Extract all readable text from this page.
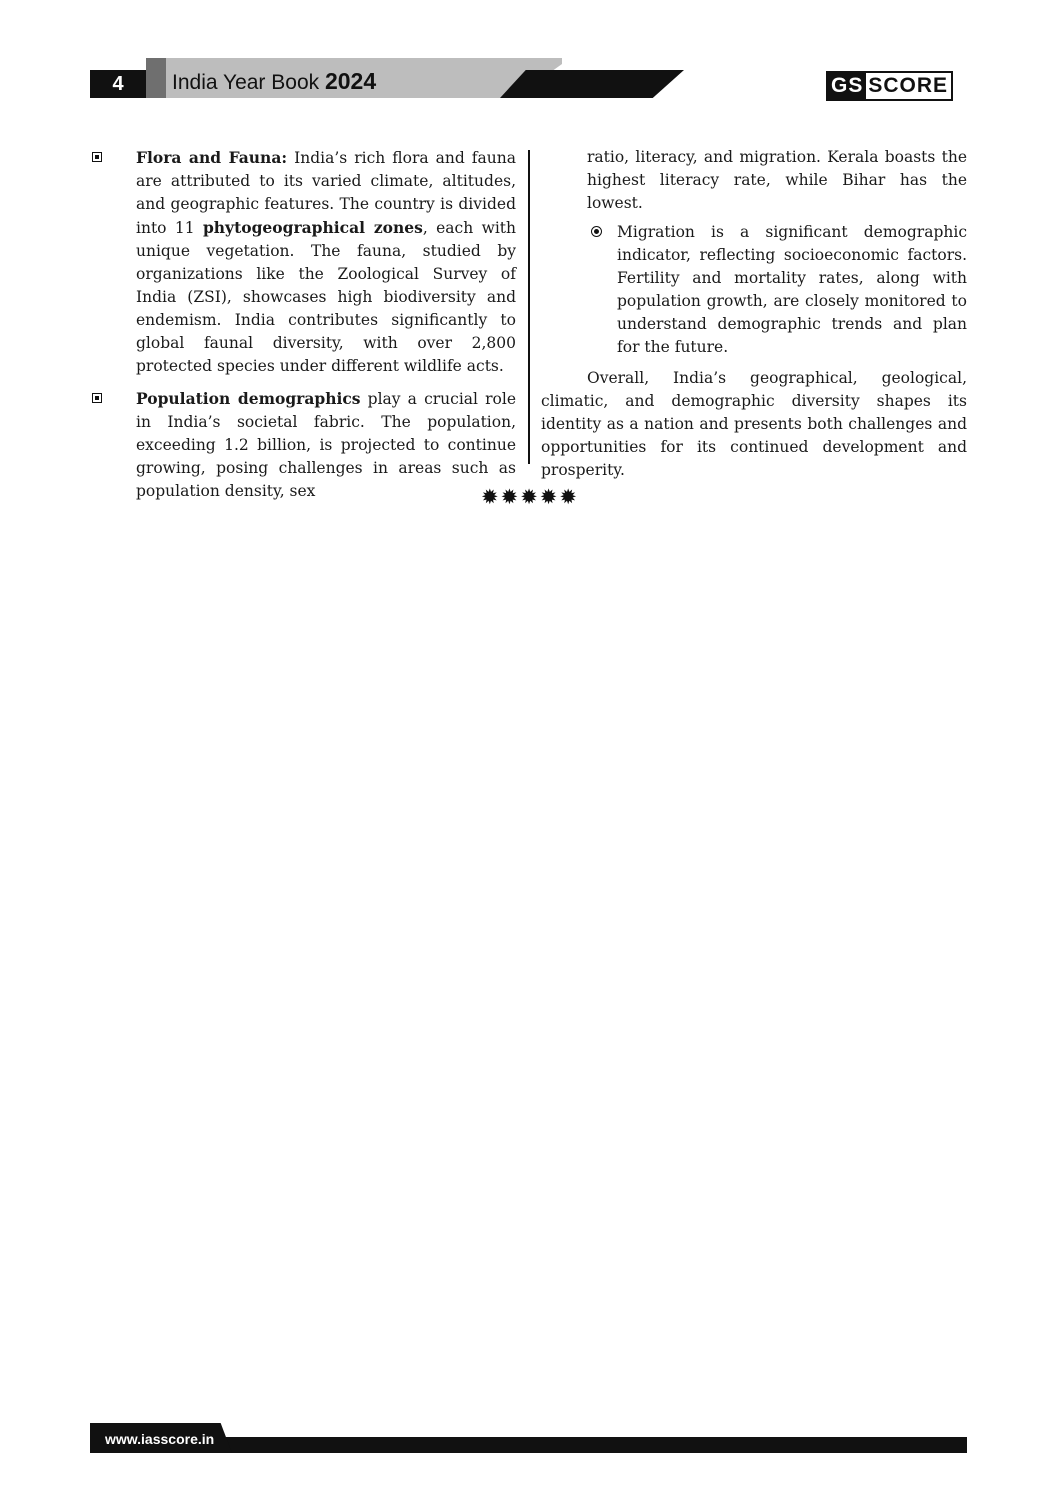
4	India Year Book 2024	GS SCORE

Flora and Fauna: India’s rich flora and fauna are attributed to its varied climate, altitudes, and geographic features. The country is divided into 11 phytogeographical zones, each with unique vegetation. The fauna, studied by organizations like the Zoological Survey of India (ZSI), showcases high biodiversity and endemism. India contributes significantly to global faunal diversity, with over 2,800 protected species under different wildlife acts.

Population demographics play a crucial role in India’s societal fabric. The population, exceeding 1.2 billion, is projected to continue growing, posing challenges in areas such as population density, sex

ratio, literacy, and migration. Kerala boasts the highest literacy rate, while Bihar has the lowest.

Migration is a significant demographic indicator, reflecting socioeconomic factors. Fertility and mortality rates, along with population growth, are closely monitored to understand demographic trends and plan for the future.

Overall, India’s geographical, geological, climatic, and demographic diversity shapes its identity as a nation and presents both challenges and opportunities for its continued development and prosperity.

✹✹✹✹✹
www.iasscore.in
